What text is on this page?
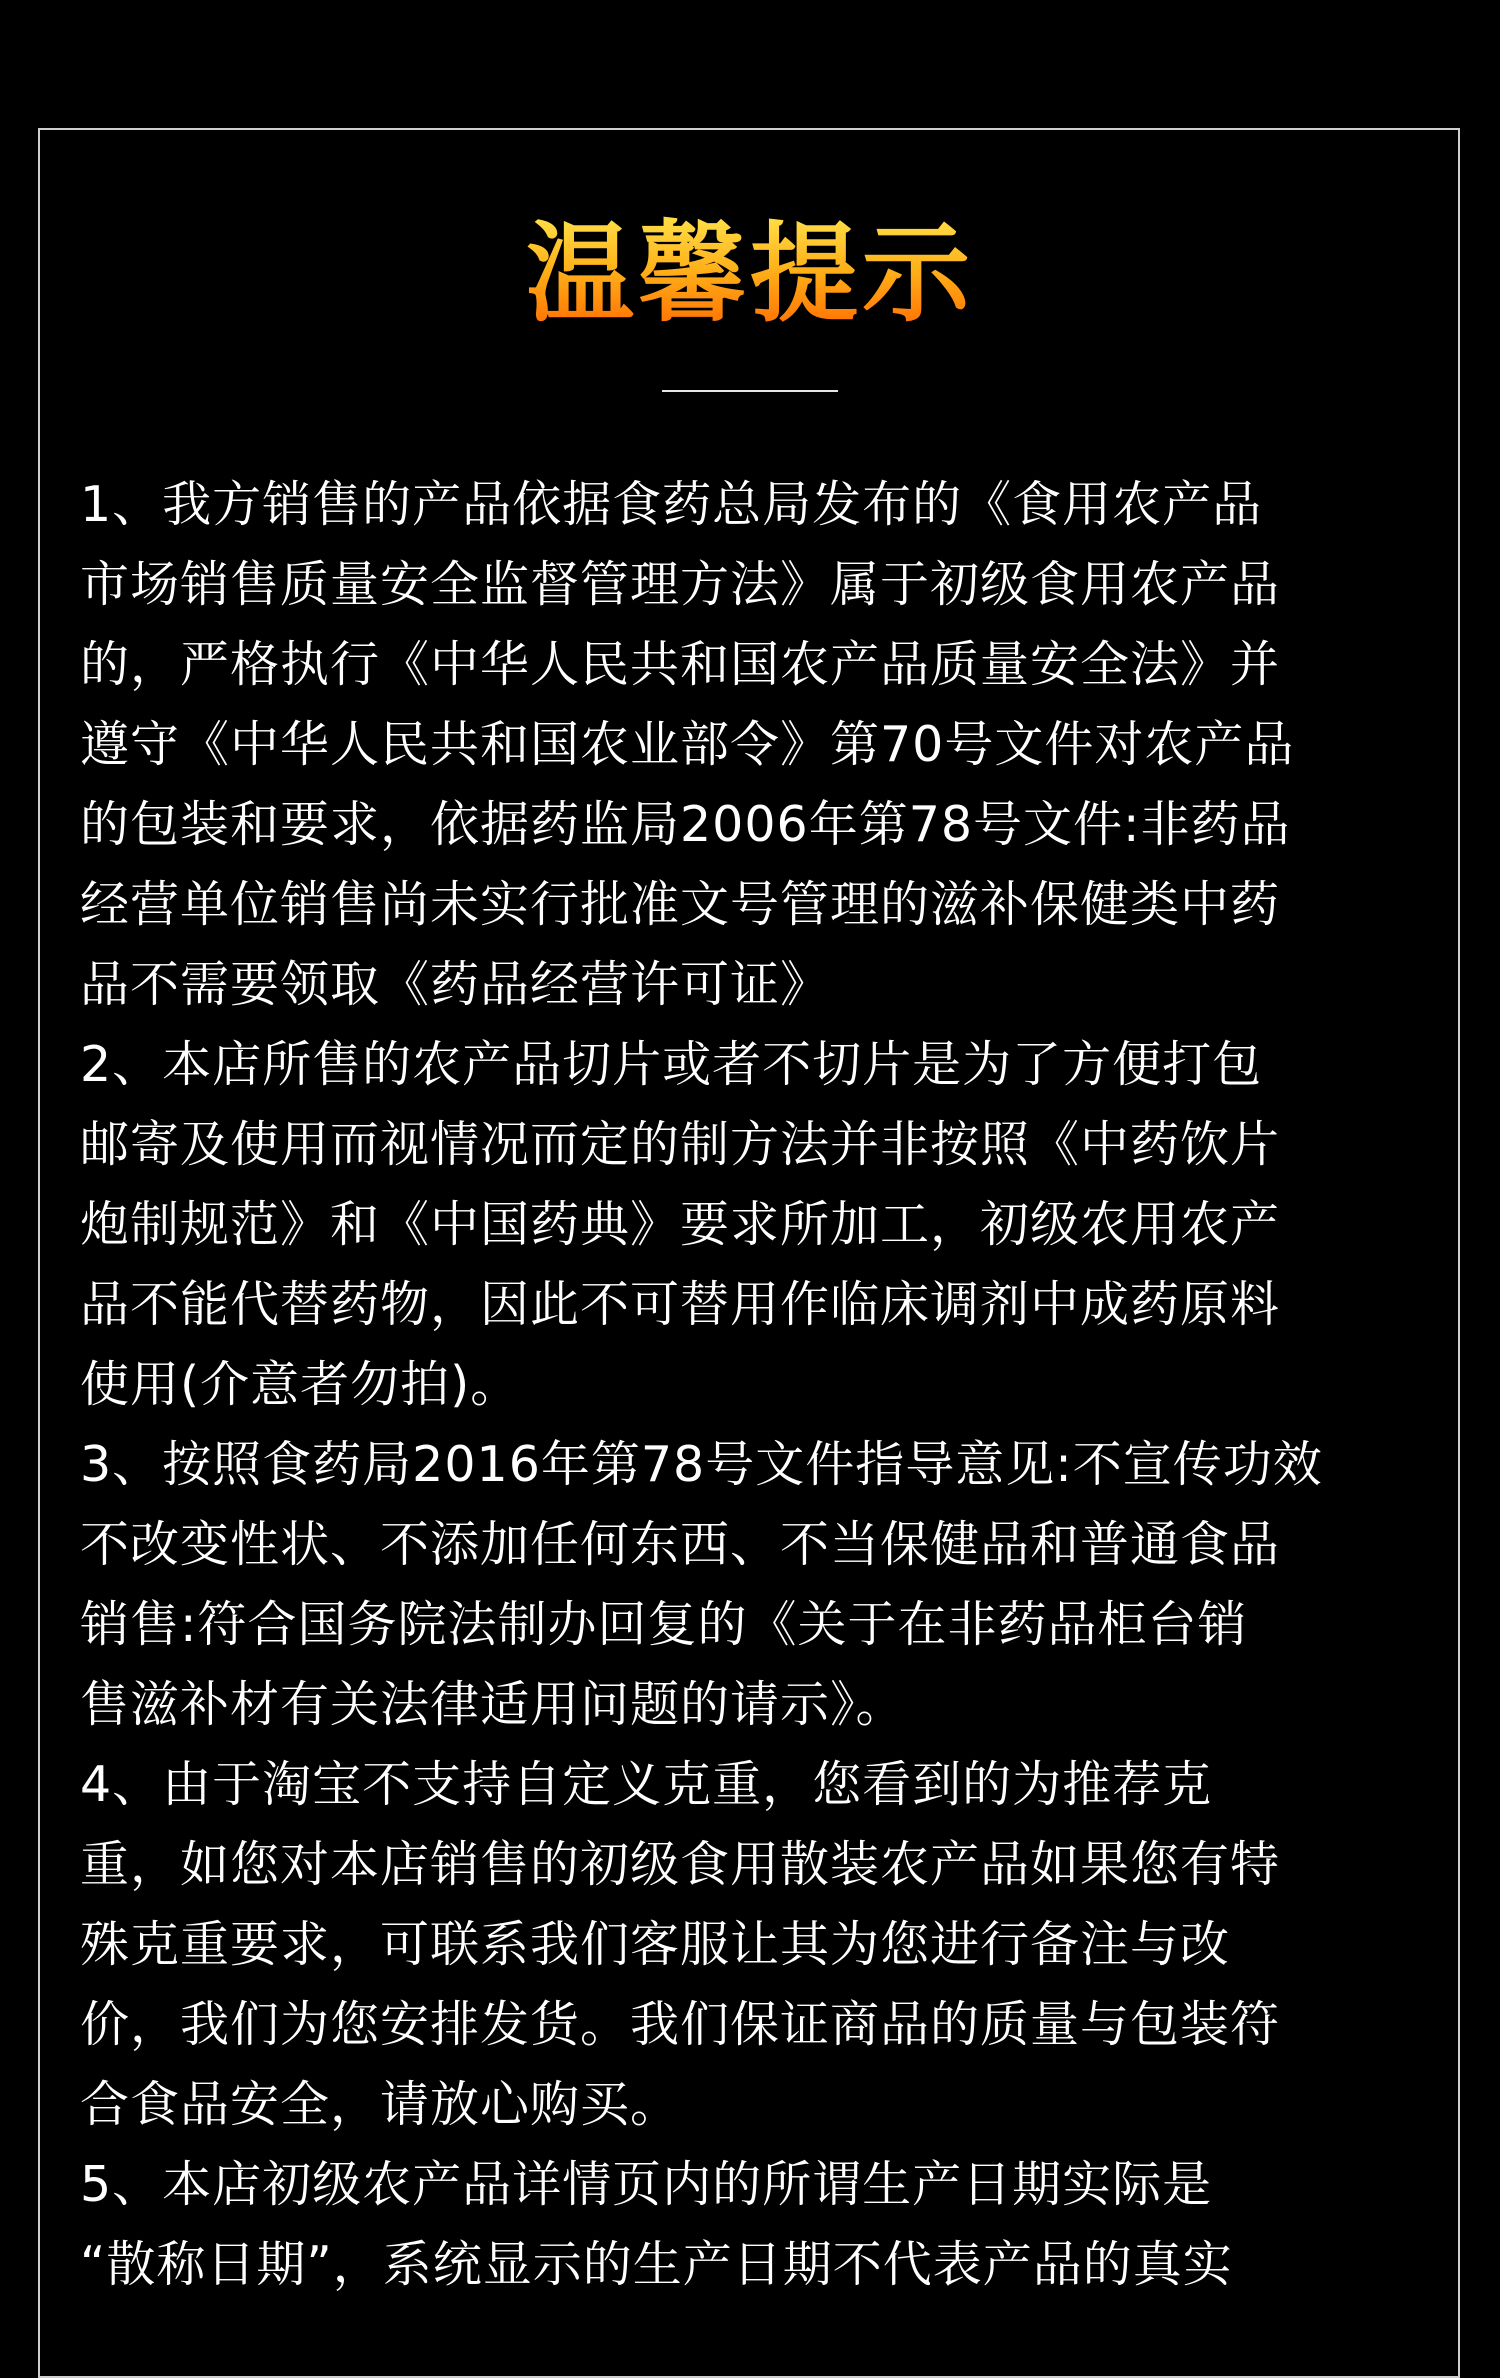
温馨提示
1、我方销售的产品依据食药总局发布的《食用农产品
市场销售质量安全监督管理方法》属于初级食用农产品
的，严格执行《中华人民共和国农产品质量安全法》并
遵守《中华人民共和国农业部令》第70号文件对农产品
的包装和要求，依据药监局2006年第78号文件:非药品
经营单位销售尚未实行批准文号管理的滋补保健类中药
品不需要领取《药品经营许可证》
2、本店所售的农产品切片或者不切片是为了方便打包
邮寄及使用而视情况而定的制方法并非按照《中药饮片
炮制规范》和《中国药典》要求所加工，初级农用农产
品不能代替药物，因此不可替用作临床调剂中成药原料
使用(介意者勿拍)。
3、按照食药局2016年第78号文件指导意见:不宣传功效
不改变性状、不添加任何东西、不当保健品和普通食品
销售:符合国务院法制办回复的《关于在非药品柜台销
售滋补材有关法律适用问题的请示》。
4、由于淘宝不支持自定义克重，您看到的为推荐克
重，如您对本店销售的初级食用散装农产品如果您有特
殊克重要求，可联系我们客服让其为您进行备注与改
价，我们为您安排发货。我们保证商品的质量与包装符
合食品安全，请放心购买。
5、本店初级农产品详情页内的所谓生产日期实际是
“散称日期”，系统显示的生产日期不代表产品的真实
